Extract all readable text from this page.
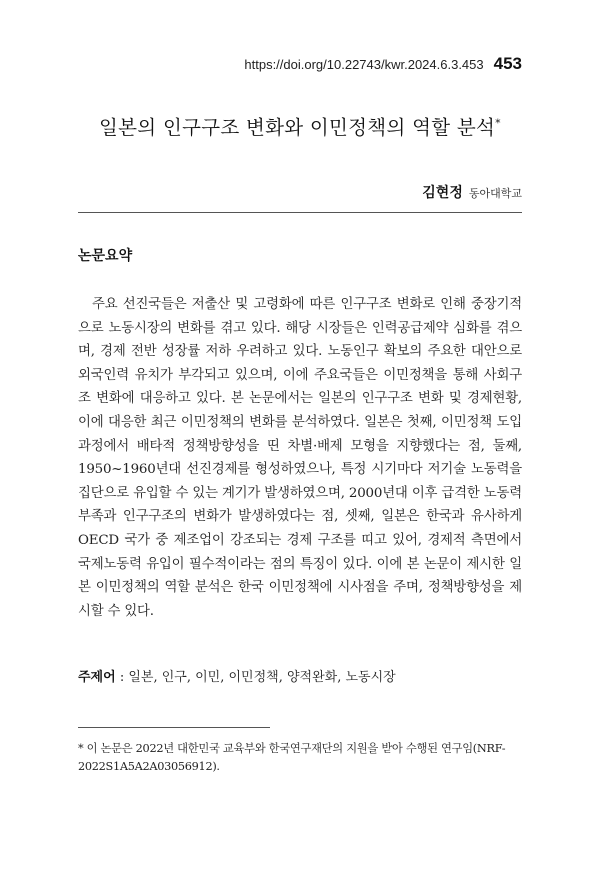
https://doi.org/10.22743/kwr.2024.6.3.453 453
일본의 인구구조 변화와 이민정책의 역할 분석*
김현정 동아대학교
논문요약

주요 선진국들은 저출산 및 고령화에 따른 인구구조 변화로 인해 중장기적으로 노동시장의 변화를 겪고 있다. 해당 시장들은 인력공급제약 심화를 겪으며, 경제 전반 성장률 저하 우려하고 있다. 노동인구 확보의 주요한 대안으로 외국인력 유치가 부각되고 있으며, 이에 주요국들은 이민정책을 통해 사회구조 변화에 대응하고 있다. 본 논문에서는 일본의 인구구조 변화 및 경제현황, 이에 대응한 최근 이민정책의 변화를 분석하였다. 일본은 첫째, 이민정책 도입 과정에서 배타적 정책방향성을 띤 차별·배제 모형을 지향했다는 점, 둘째, 1950~1960년대 선진경제를 형성하였으나, 특정 시기마다 저기술 노동력을 집단으로 유입할 수 있는 계기가 발생하였으며, 2000년대 이후 급격한 노동력 부족과 인구구조의 변화가 발생하였다는 점, 셋째, 일본은 한국과 유사하게 OECD 국가 중 제조업이 강조되는 경제 구조를 띠고 있어, 경제적 측면에서 국제노동력 유입이 필수적이라는 점의 특징이 있다. 이에 본 논문이 제시한 일본 이민정책의 역할 분석은 한국 이민정책에 시사점을 주며, 정책방향성을 제시할 수 있다.

주제어 : 일본, 인구, 이민, 이민정책, 양적완화, 노동시장

* 이 논문은 2022년 대한민국 교육부와 한국연구재단의 지원을 받아 수행된 연구임(NRF- 2022S1A5A2A03056912).
